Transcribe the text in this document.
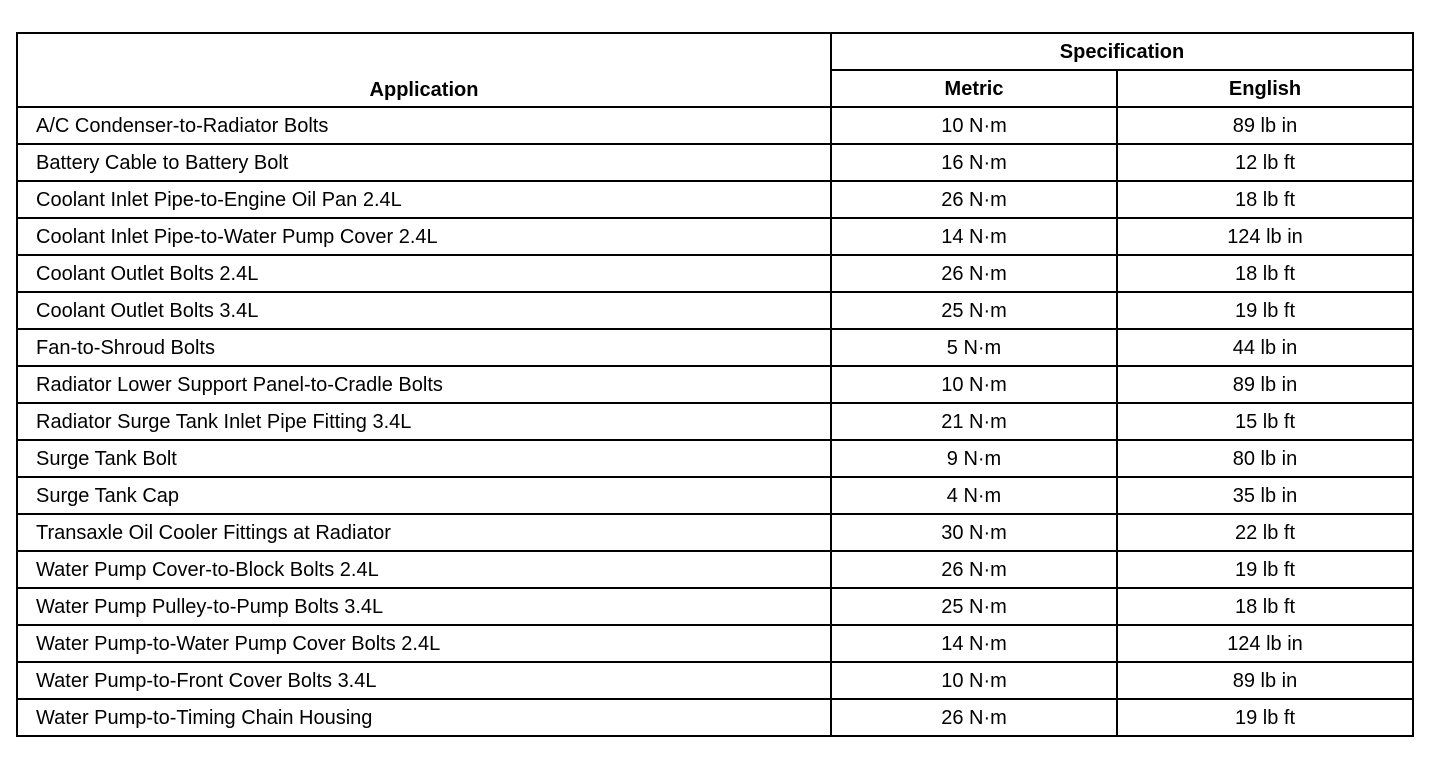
Application	Specification	
	Metric	English
A/C Condenser-to-Radiator Bolts	10 N·m	89 lb in
Battery Cable to Battery Bolt	16 N·m	12 lb ft
Coolant Inlet Pipe-to-Engine Oil Pan 2.4L	26 N·m	18 lb ft
Coolant Inlet Pipe-to-Water Pump Cover 2.4L	14 N·m	124 lb in
Coolant Outlet Bolts 2.4L	26 N·m	18 lb ft
Coolant Outlet Bolts 3.4L	25 N·m	19 lb ft
Fan-to-Shroud Bolts	5 N·m	44 lb in
Radiator Lower Support Panel-to-Cradle Bolts	10 N·m	89 lb in
Radiator Surge Tank Inlet Pipe Fitting 3.4L	21 N·m	15 lb ft
Surge Tank Bolt	9 N·m	80 lb in
Surge Tank Cap	4 N·m	35 lb in
Transaxle Oil Cooler Fittings at Radiator	30 N·m	22 lb ft
Water Pump Cover-to-Block Bolts 2.4L	26 N·m	19 lb ft
Water Pump Pulley-to-Pump Bolts 3.4L	25 N·m	18 lb ft
Water Pump-to-Water Pump Cover Bolts 2.4L	14 N·m	124 lb in
Water Pump-to-Front Cover Bolts 3.4L	10 N·m	89 lb in
Water Pump-to-Timing Chain Housing	26 N·m	19 lb ft
